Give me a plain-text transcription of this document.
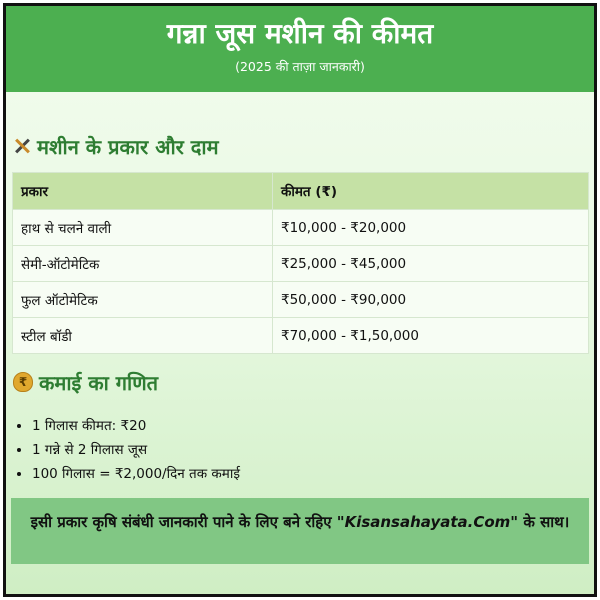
गन्ना जूस मशीन की कीमत
(2025 की ताज़ा जानकारी)
मशीन के प्रकार और दाम
प्रकार	कीमत (₹)
हाथ से चलने वाली	₹10,000 - ₹20,000
सेमी-ऑटोमेटिक	₹25,000 - ₹45,000
फुल ऑटोमेटिक	₹50,000 - ₹90,000
स्टील बॉडी	₹70,000 - ₹1,50,000
₹ कमाई का गणित
• 1 गिलास कीमत: ₹20
• 1 गन्ने से 2 गिलास जूस
• 100 गिलास = ₹2,000/दिन तक कमाई
इसी प्रकार कृषि संबंधी जानकारी पाने के लिए बने रहिए "Kisansahayata.Com" के साथ।
